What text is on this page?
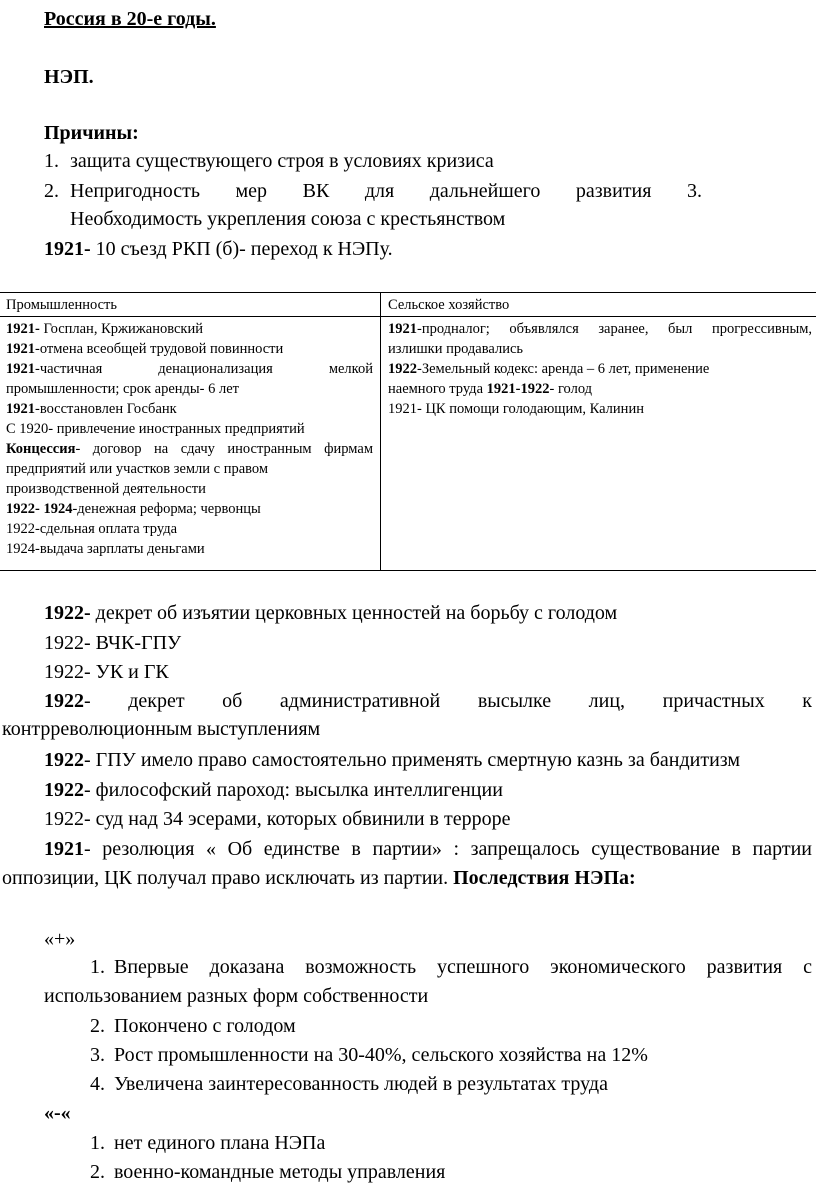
Россия в 20-е годы.
НЭП.
Причины:
1. защита существующего строя в условиях кризиса
2. Непригодность мер ВК для дальнейшего развития 3.
Необходимость укрепления союза с крестьянством
1921- 10 съезд РКП (б)- переход к НЭПу.
Промышленность	Сельское хозяйство
1921- Госплан, Кржижановский
1921-отмена всеобщей трудовой повинности
1921-частичная денационализация мелкой
промышленности; срок аренды- 6 лет
1921-восстановлен Госбанк
С 1920- привлечение иностранных предприятий
Концессия- договор на сдачу иностранным фирмам
предприятий или участков земли с правом
производственной деятельности
1922- 1924-денежная реформа; червонцы
1922-сдельная оплата труда
1924-выдача зарплаты деньгами
1921-продналог; объявлялся заранее, был прогрессивным,
излишки продавались
1922-Земельный кодекс: аренда – 6 лет, применение
наемного труда 1921-1922- голод
1921- ЦК помощи голодающим, Калинин
1922- декрет об изъятии церковных ценностей на борьбу с голодом
1922- ВЧК-ГПУ
1922- УК и ГК
1922- декрет об административной высылке лиц, причастных к
контрреволюционным выступлениям
1922- ГПУ имело право самостоятельно применять смертную казнь за бандитизм
1922- философский пароход: высылка интеллигенции
1922- суд над 34 эсерами, которых обвинили в терроре
1921- резолюция « Об единстве в партии» : запрещалось существование в партии
оппозиции, ЦК получал право исключать из партии. Последствия НЭПа:
«+»
1. Впервые доказана возможность успешного экономического развития с
использованием разных форм собственности
2. Покончено с голодом
3. Рост промышленности на 30-40%, сельского хозяйства на 12%
4. Увеличена заинтересованность людей в результатах труда
«-«
1. нет единого плана НЭПа
2. военно-командные методы управления
